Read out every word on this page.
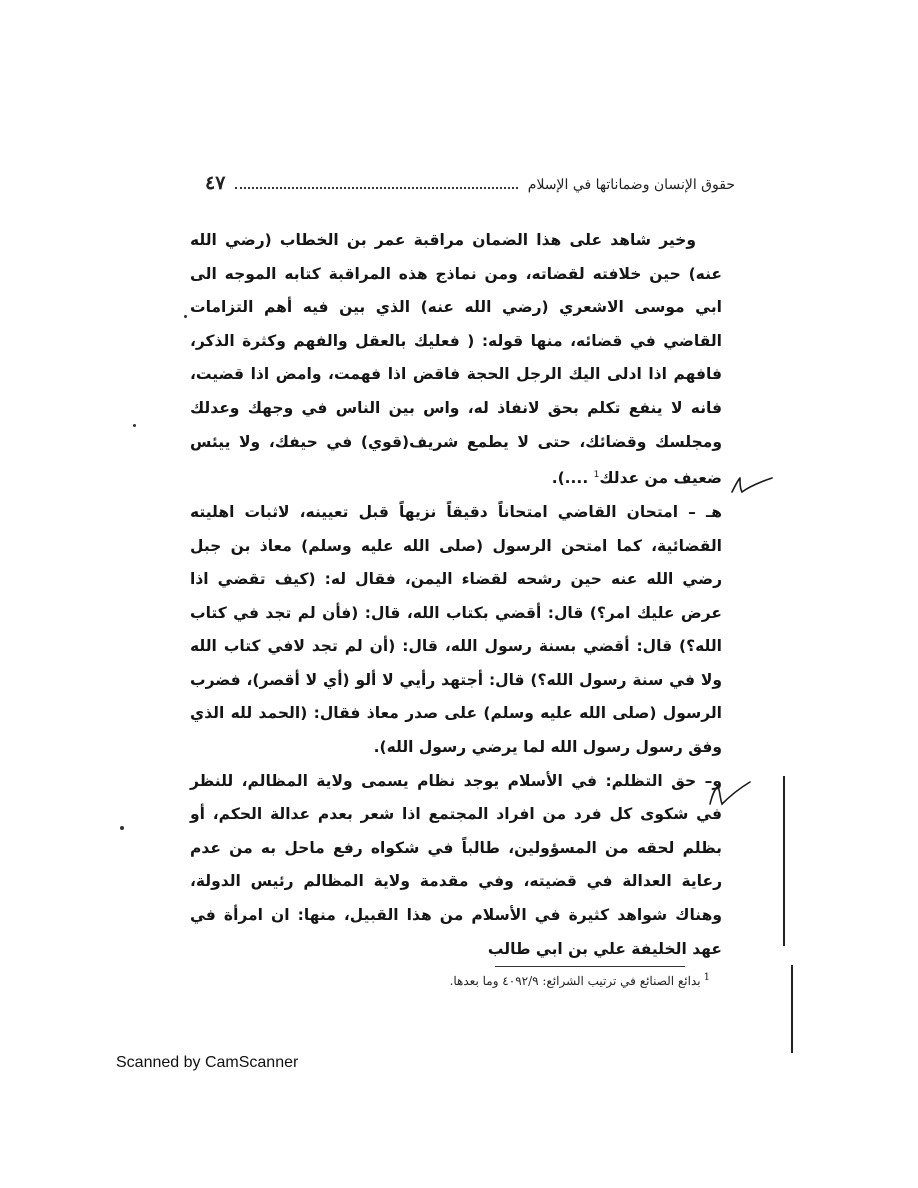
حقوق الإنسان وضماناتها في الإسلام
٤٧

وخير شاهد على هذا الضمان مراقبة عمر بن الخطاب (رضي الله عنه) حين خلافته لقضاته، ومن نماذج هذه المراقبة كتابه الموجه الى ابي موسى الاشعري (رضي الله عنه) الذي بين فيه أهم التزامات القاضي في قضائه، منها قوله: ( فعليك بالعقل والفهم وكثرة الذكر، فافهم اذا ادلى اليك الرجل الحجة فاقض اذا فهمت، وامض اذا قضيت، فانه لا ينفع تكلم بحق لانفاذ له، واس بين الناس في وجهك وعدلك ومجلسك وقضائك، حتى لا يطمع شريف(قوي) في حيفك، ولا ييئس ضعيف من عدلك$^1$ ....).

هـ – امتحان القاضي امتحاناً دقيقاً نزيهاً قبل تعيينه، لاثبات اهليته القضائية، كما امتحن الرسول (صلى الله عليه وسلم) معاذ بن جبل رضي الله عنه حين رشحه لقضاء اليمن، فقال له: (كيف تقضي اذا عرض عليك امر؟) قال: أقضي بكتاب الله، قال: (فأن لم تجد في كتاب الله؟) قال: أقضي بسنة رسول الله، قال: (أن لم تجد لافي كتاب الله ولا في سنة رسول الله؟) قال: أجتهد رأيي لا ألو (أي لا أقصر)، فضرب الرسول (صلى الله عليه وسلم) على صدر معاذ فقال: (الحمد لله الذي وفق رسول رسول الله لما يرضي رسول الله).

و– حق التظلم: في الأسلام يوجد نظام يسمى ولاية المظالم، للنظر في شكوى كل فرد من افراد المجتمع اذا شعر بعدم عدالة الحكم، أو بظلم لحقه من المسؤولين، طالباً في شكواه رفع ماحل به من عدم رعاية العدالة في قضيته، وفي مقدمة ولاية المظالم رئيس الدولة، وهناك شواهد كثيرة في الأسلام من هذا القبيل، منها: ان امرأة في عهد الخليفة علي بن ابي طالب

$^1$بدائع الصنائع في ترتيب الشرائع: ٤٠٩٢/٩ وما بعدها.
Scanned by CamScanner
